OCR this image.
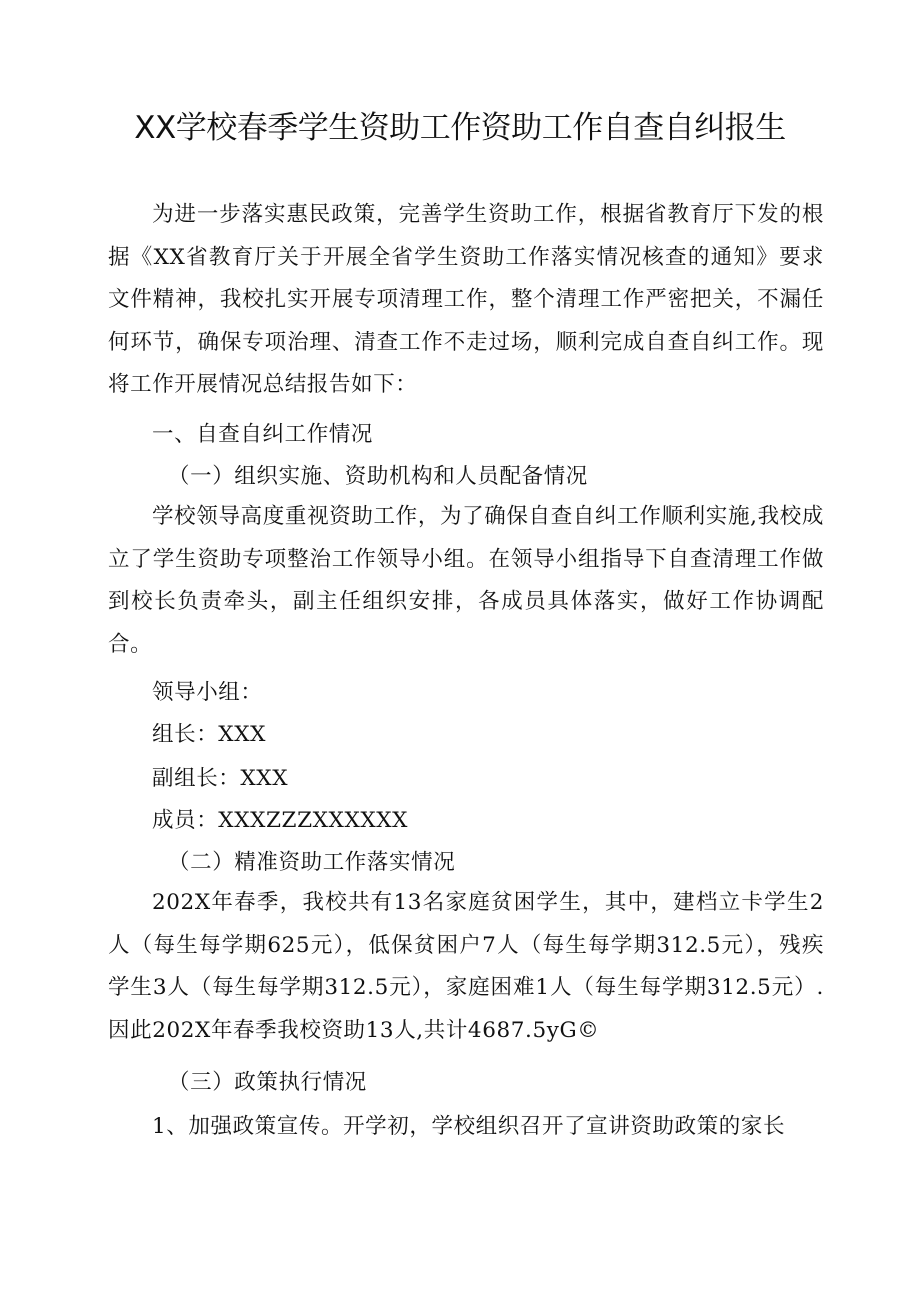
XX学校春季学生资助工作资助工作自查自纠报生

为进一步落实惠民政策，完善学生资助工作，根据省教育厅下发的根据《XX省教育厅关于开展全省学生资助工作落实情况核查的通知》要求文件精神，我校扎实开展专项清理工作，整个清理工作严密把关，不漏任何环节，确保专项治理、清查工作不走过场，顺利完成自查自纠工作。现将工作开展情况总结报告如下：

一、自查自纠工作情况

（一）组织实施、资助机构和人员配备情况

学校领导高度重视资助工作，为了确保自查自纠工作顺利实施,我校成立了学生资助专项整治工作领导小组。在领导小组指导下自查清理工作做到校长负责牵头，副主任组织安排，各成员具体落实，做好工作协调配合。

领导小组：

组长：XXX

副组长：XXX

成员：XXXZZZXXXXXX

（二）精准资助工作落实情况

202X年春季，我校共有13名家庭贫困学生，其中，建档立卡学生2人（每生每学期625元），低保贫困户7人（每生每学期312.5元），残疾学生3人（每生每学期312.5元），家庭困难1人（每生每学期312.5元）.因此202X年春季我校资助13人,共计4687.5yG©

（三）政策执行情况

1、加强政策宣传。开学初，学校组织召开了宣讲资助政策的家长
